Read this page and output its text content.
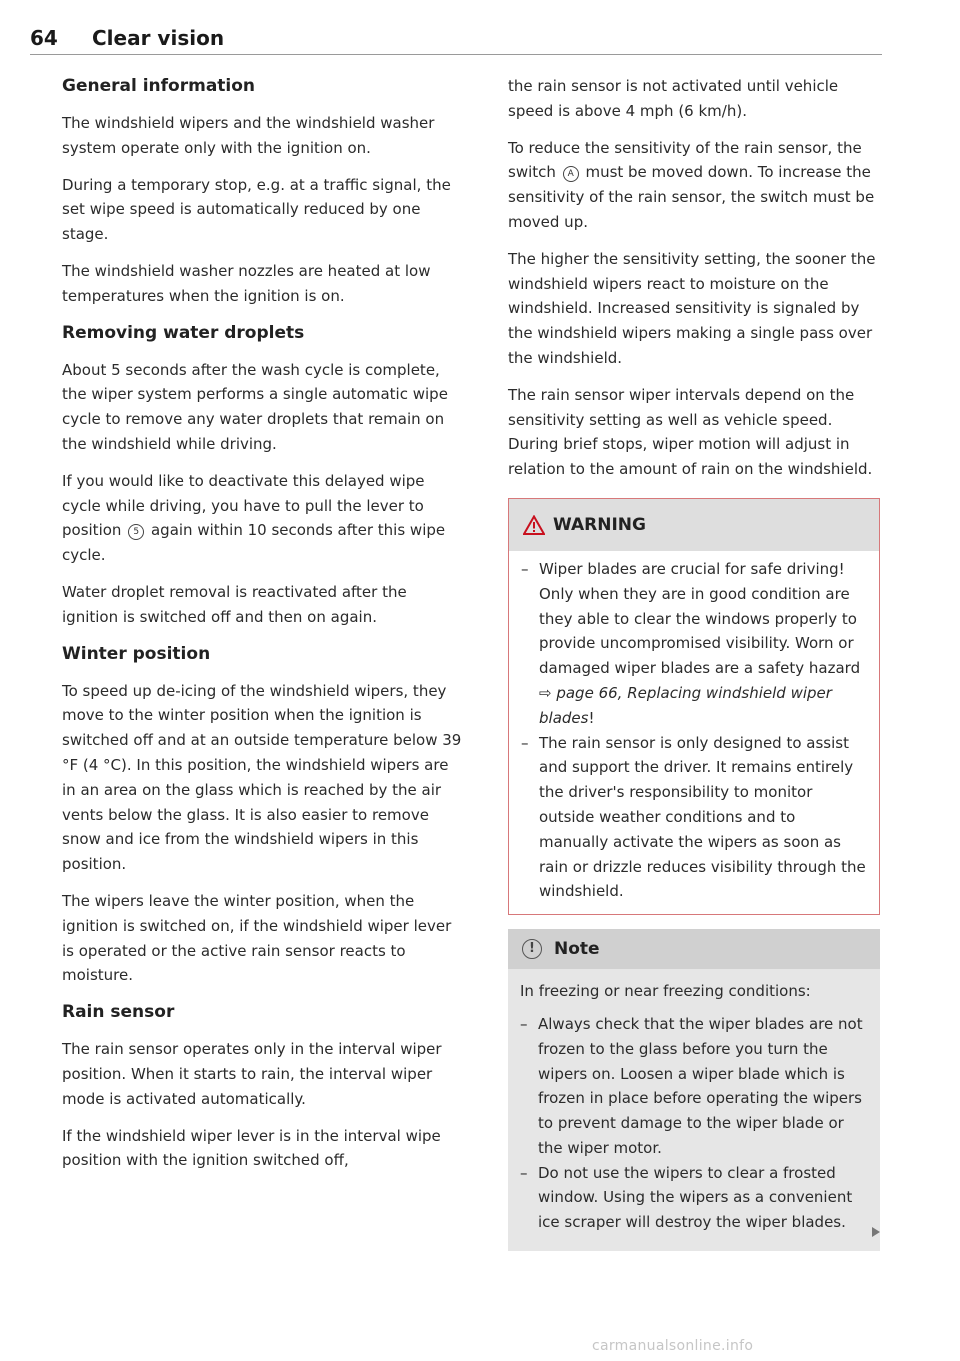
64 Clear vision
General information

The windshield wipers and the windshield washer system operate only with the ignition on.

During a temporary stop, e.g. at a traffic signal, the set wipe speed is automatically reduced by one stage.

The windshield washer nozzles are heated at low temperatures when the ignition is on.

Removing water droplets

About 5 seconds after the wash cycle is complete, the wiper system performs a single automatic wipe cycle to remove any water droplets that remain on the windshield while driving.

If you would like to deactivate this delayed wipe cycle while driving, you have to pull the lever to position 5 again within 10 seconds after this wipe cycle.

Water droplet removal is reactivated after the ignition is switched off and then on again.

Winter position

To speed up de-icing of the windshield wipers, they move to the winter position when the ignition is switched off and at an outside temperature below 39 °F (4 °C). In this position, the windshield wipers are in an area on the glass which is reached by the air vents below the glass. It is also easier to remove snow and ice from the windshield wipers in this position.

The wipers leave the winter position, when the ignition is switched on, if the windshield wiper lever is operated or the active rain sensor reacts to moisture.

Rain sensor

The rain sensor operates only in the interval wiper position. When it starts to rain, the interval wiper mode is activated automatically.

If the windshield wiper lever is in the interval wipe position with the ignition switched off,

the rain sensor is not activated until vehicle speed is above 4 mph (6 km/h).

To reduce the sensitivity of the rain sensor, the switch A must be moved down. To increase the sensitivity of the rain sensor, the switch must be moved up.

The higher the sensitivity setting, the sooner the windshield wipers react to moisture on the windshield. Increased sensitivity is signaled by the windshield wipers making a single pass over the windshield.

The rain sensor wiper intervals depend on the sensitivity setting as well as vehicle speed. During brief stops, wiper motion will adjust in relation to the amount of rain on the windshield.

WARNING
– Wiper blades are crucial for safe driving! Only when they are in good condition are they able to clear the windows properly to provide uncompromised visibility. Worn or damaged wiper blades are a safety hazard ⇨ page 66, Replacing windshield wiper blades!
– The rain sensor is only designed to assist and support the driver. It remains entirely the driver's responsibility to monitor outside weather conditions and to manually activate the wipers as soon as rain or drizzle reduces visibility through the windshield.
!	Note
In freezing or near freezing conditions:
– Always check that the wiper blades are not frozen to the glass before you turn the wipers on. Loosen a wiper blade which is frozen in place before operating the wipers to prevent damage to the wiper blade or the wiper motor.
– Do not use the wipers to clear a frosted window. Using the wipers as a convenient ice scraper will destroy the wiper blades.
carmanualsonline.info
